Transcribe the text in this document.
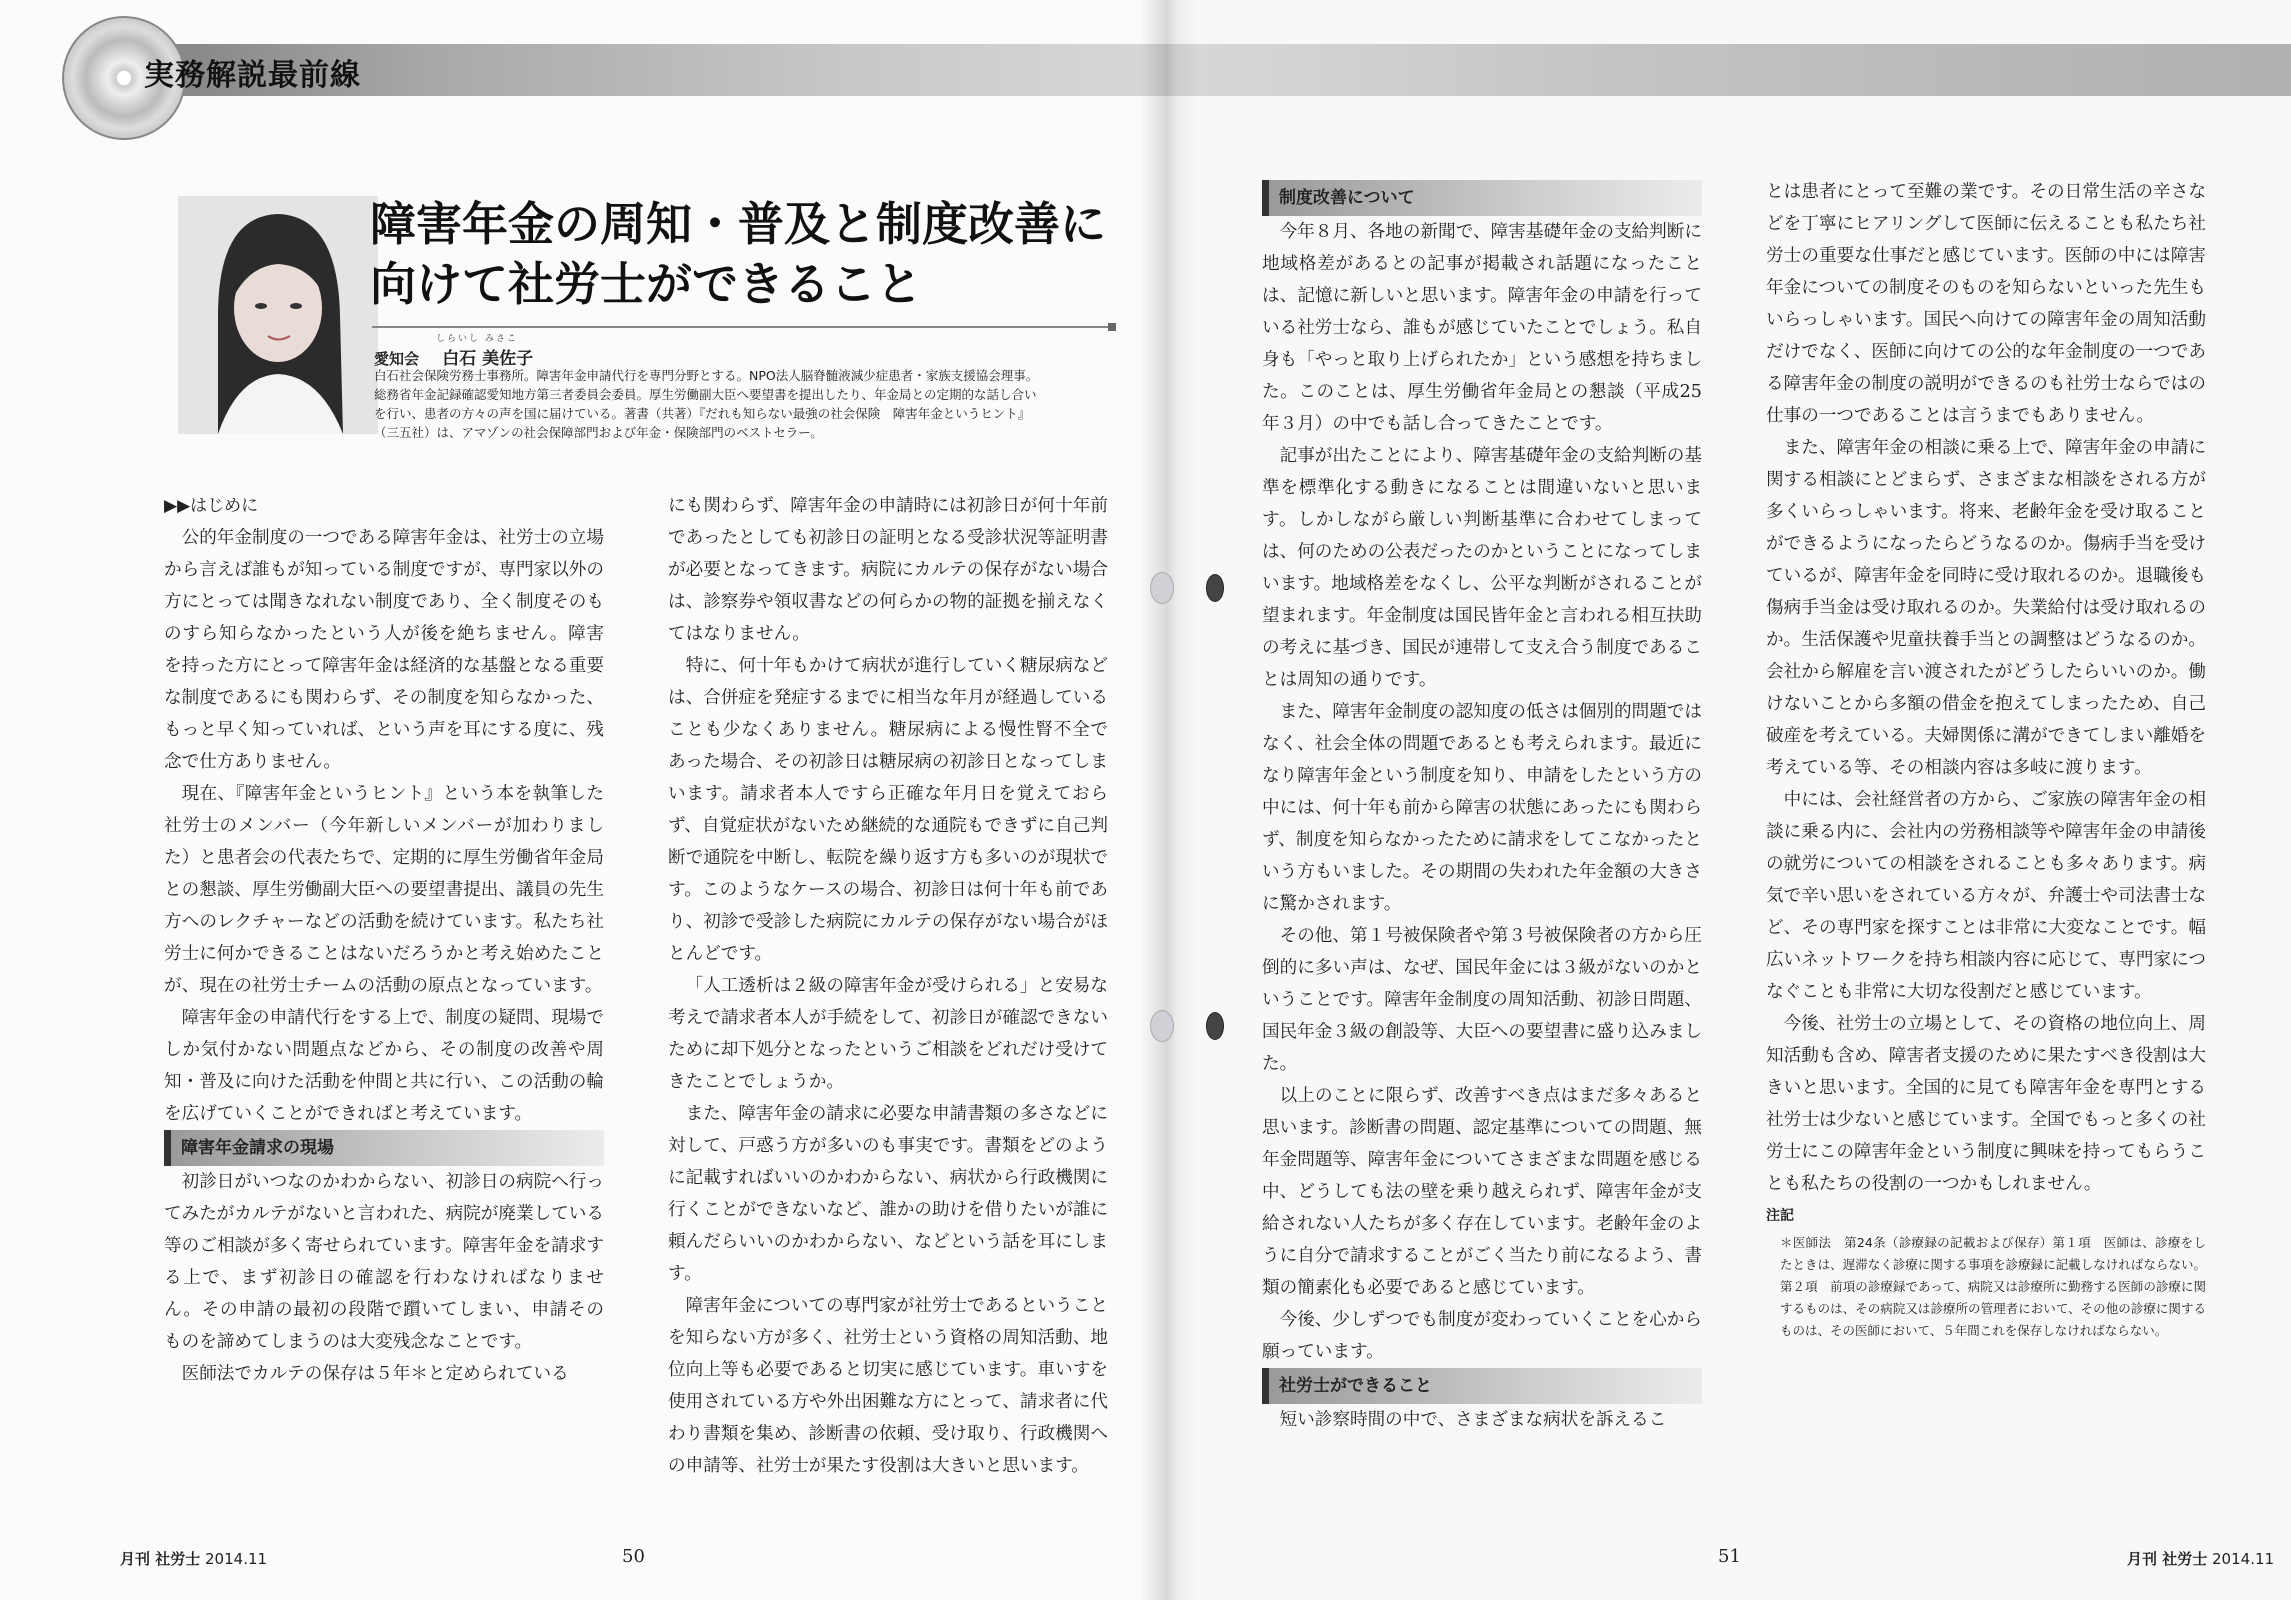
実務解説最前線
障害年金の周知・普及と制度改善に
向けて社労士ができること
しらいし みさこ
愛知会 白石 美佐子

白石社会保険労務士事務所。障害年金申請代行を専門分野とする。NPO法人脳脊髄液減少症患者・家族支援協会理事。

総務省年金記録確認愛知地方第三者委員会委員。厚生労働副大臣へ要望書を提出したり、年金局との定期的な話し合い

を行い、患者の方々の声を国に届けている。著書（共著）『だれも知らない最強の社会保険　障害年金というヒント』

（三五社）は、アマゾンの社会保障部門および年金・保険部門のベストセラー。

▶▶はじめに

公的年金制度の一つである障害年金は、社労士の立場から言えば誰もが知っている制度ですが、専門家以外の方にとっては聞きなれない制度であり、全く制度そのものすら知らなかったという人が後を絶ちません。障害を持った方にとって障害年金は経済的な基盤となる重要な制度であるにも関わらず、その制度を知らなかった、もっと早く知っていれば、という声を耳にする度に、残念で仕方ありません。

現在、『障害年金というヒント』という本を執筆した社労士のメンバー（今年新しいメンバーが加わりました）と患者会の代表たちで、定期的に厚生労働省年金局との懇談、厚生労働副大臣への要望書提出、議員の先生方へのレクチャーなどの活動を続けています。私たち社労士に何かできることはないだろうかと考え始めたことが、現在の社労士チームの活動の原点となっています。

障害年金の申請代行をする上で、制度の疑問、現場でしか気付かない問題点などから、その制度の改善や周知・普及に向けた活動を仲間と共に行い、この活動の輪を広げていくことができればと考えています。

障害年金請求の現場

初診日がいつなのかわからない、初診日の病院へ行ってみたがカルテがないと言われた、病院が廃業している等のご相談が多く寄せられています。障害年金を請求する上で、まず初診日の確認を行わなければなりません。その申請の最初の段階で躓いてしまい、申請そのものを諦めてしまうのは大変残念なことです。

医師法でカルテの保存は５年＊と定められている

にも関わらず、障害年金の申請時には初診日が何十年前であったとしても初診日の証明となる受診状況等証明書が必要となってきます。病院にカルテの保存がない場合は、診察券や領収書などの何らかの物的証拠を揃えなくてはなりません。

特に、何十年もかけて病状が進行していく糖尿病などは、合併症を発症するまでに相当な年月が経過していることも少なくありません。糖尿病による慢性腎不全であった場合、その初診日は糖尿病の初診日となってしまいます。請求者本人ですら正確な年月日を覚えておらず、自覚症状がないため継続的な通院もできずに自己判断で通院を中断し、転院を繰り返す方も多いのが現状です。このようなケースの場合、初診日は何十年も前であり、初診で受診した病院にカルテの保存がない場合がほとんどです。

「人工透析は２級の障害年金が受けられる」と安易な考えで請求者本人が手続をして、初診日が確認できないために却下処分となったというご相談をどれだけ受けてきたことでしょうか。

また、障害年金の請求に必要な申請書類の多さなどに対して、戸惑う方が多いのも事実です。書類をどのように記載すればいいのかわからない、病状から行政機関に行くことができないなど、誰かの助けを借りたいが誰に頼んだらいいのかわからない、などという話を耳にします。

障害年金についての専門家が社労士であるということを知らない方が多く、社労士という資格の周知活動、地位向上等も必要であると切実に感じています。車いすを使用されている方や外出困難な方にとって、請求者に代わり書類を集め、診断書の依頼、受け取り、行政機関への申請等、社労士が果たす役割は大きいと思います。

月刊 社労士 2014.11	50

制度改善について

今年８月、各地の新聞で、障害基礎年金の支給判断に地域格差があるとの記事が掲載され話題になったことは、記憶に新しいと思います。障害年金の申請を行っている社労士なら、誰もが感じていたことでしょう。私自身も「やっと取り上げられたか」という感想を持ちました。このことは、厚生労働省年金局との懇談（平成25年３月）の中でも話し合ってきたことです。

記事が出たことにより、障害基礎年金の支給判断の基準を標準化する動きになることは間違いないと思います。しかしながら厳しい判断基準に合わせてしまっては、何のための公表だったのかということになってしまいます。地域格差をなくし、公平な判断がされることが望まれます。年金制度は国民皆年金と言われる相互扶助の考えに基づき、国民が連帯して支え合う制度であることは周知の通りです。

また、障害年金制度の認知度の低さは個別的問題ではなく、社会全体の問題であるとも考えられます。最近になり障害年金という制度を知り、申請をしたという方の中には、何十年も前から障害の状態にあったにも関わらず、制度を知らなかったために請求をしてこなかったという方もいました。その期間の失われた年金額の大きさに驚かされます。

その他、第１号被保険者や第３号被保険者の方から圧倒的に多い声は、なぜ、国民年金には３級がないのかということです。障害年金制度の周知活動、初診日問題、国民年金３級の創設等、大臣への要望書に盛り込みました。

以上のことに限らず、改善すべき点はまだ多々あると思います。診断書の問題、認定基準についての問題、無年金問題等、障害年金についてさまざまな問題を感じる中、どうしても法の壁を乗り越えられず、障害年金が支給されない人たちが多く存在しています。老齢年金のように自分で請求することがごく当たり前になるよう、書類の簡素化も必要であると感じています。

今後、少しずつでも制度が変わっていくことを心から願っています。

社労士ができること

短い診察時間の中で、さまざまな病状を訴えるこ

とは患者にとって至難の業です。その日常生活の辛さなどを丁寧にヒアリングして医師に伝えることも私たち社労士の重要な仕事だと感じています。医師の中には障害年金についての制度そのものを知らないといった先生もいらっしゃいます。国民へ向けての障害年金の周知活動だけでなく、医師に向けての公的な年金制度の一つである障害年金の制度の説明ができるのも社労士ならではの仕事の一つであることは言うまでもありません。

また、障害年金の相談に乗る上で、障害年金の申請に関する相談にとどまらず、さまざまな相談をされる方が多くいらっしゃいます。将来、老齢年金を受け取ることができるようになったらどうなるのか。傷病手当を受けているが、障害年金を同時に受け取れるのか。退職後も傷病手当金は受け取れるのか。失業給付は受け取れるのか。生活保護や児童扶養手当との調整はどうなるのか。会社から解雇を言い渡されたがどうしたらいいのか。働けないことから多額の借金を抱えてしまったため、自己破産を考えている。夫婦関係に溝ができてしまい離婚を考えている等、その相談内容は多岐に渡ります。

中には、会社経営者の方から、ご家族の障害年金の相談に乗る内に、会社内の労務相談等や障害年金の申請後の就労についての相談をされることも多々あります。病気で辛い思いをされている方々が、弁護士や司法書士など、その専門家を探すことは非常に大変なことです。幅広いネットワークを持ち相談内容に応じて、専門家につなぐことも非常に大切な役割だと感じています。

今後、社労士の立場として、その資格の地位向上、周知活動も含め、障害者支援のために果たすべき役割は大きいと思います。全国的に見ても障害年金を専門とする社労士は少ないと感じています。全国でもっと多くの社労士にこの障害年金という制度に興味を持ってもらうことも私たちの役割の一つかもしれません。

注記

＊医師法　第24条（診療録の記載および保存）第１項　医師は、診療をしたときは、遅滞なく診療に関する事項を診療録に記載しなければならない。第２項　前項の診療録であって、病院又は診療所に勤務する医師の診療に関するものは、その病院又は診療所の管理者において、その他の診療に関するものは、その医師において、５年間これを保存しなければならない。

51	月刊 社労士 2014.11
